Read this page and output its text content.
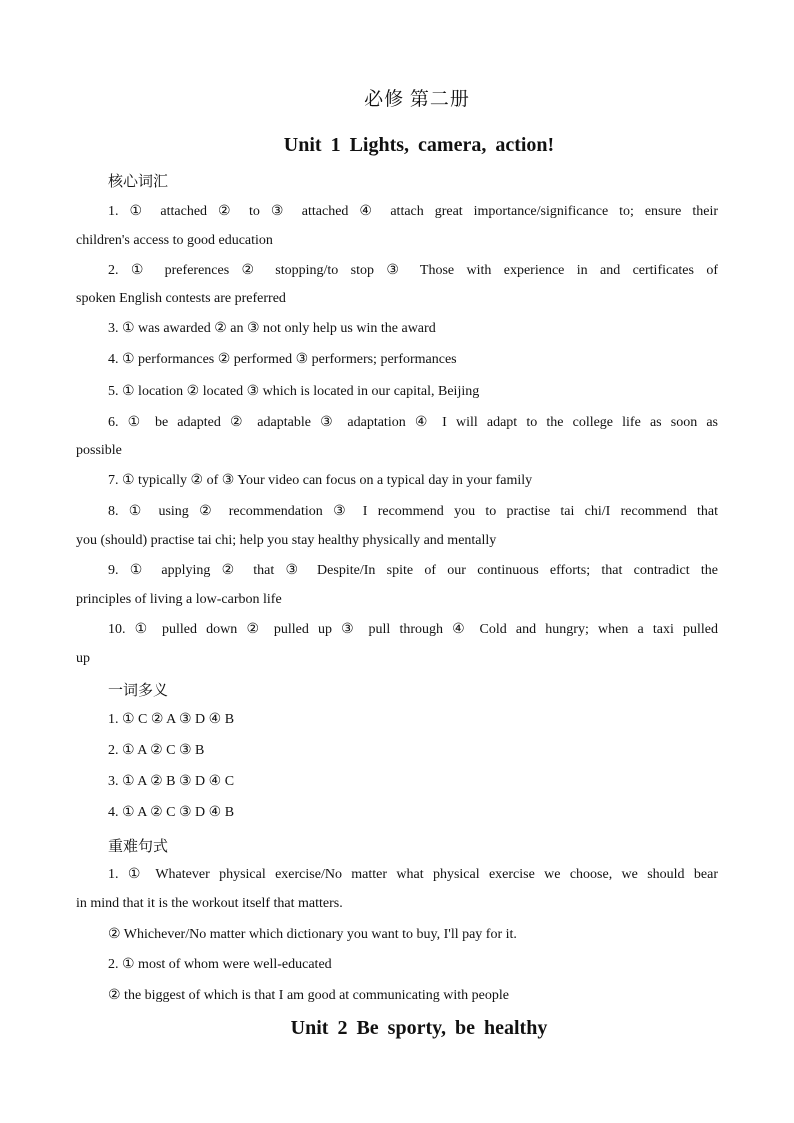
必修 第二册
Unit 1 Lights, camera, action!
核心词汇
1. ① attached ② to ③ attached ④ attach great importance/significance to; ensure their
children's access to good education
2. ① preferences ② stopping/to stop ③ Those with experience in and certificates of
spoken English contests are preferred
3. ① was awarded ② an ③ not only help us win the award
4. ① performances ② performed ③ performers; performances
5. ① location ② located ③ which is located in our capital, Beijing
6. ① be adapted ② adaptable ③ adaptation ④ I will adapt to the college life as soon as
possible
7. ① typically ② of ③ Your video can focus on a typical day in your family
8. ① using ② recommendation ③ I recommend you to practise tai chi/I recommend that
you (should) practise tai chi; help you stay healthy physically and mentally
9. ① applying ② that ③ Despite/In spite of our continuous efforts; that contradict the
principles of living a low-carbon life
10. ① pulled down ② pulled up ③ pull through ④ Cold and hungry; when a taxi pulled
up
一词多义
1. ① C ② A ③ D ④ B
2. ① A ② C ③ B
3. ① A ② B ③ D ④ C
4. ① A ② C ③ D ④ B
重难句式
1. ① Whatever physical exercise/No matter what physical exercise we choose, we should bear
in mind that it is the workout itself that matters.
② Whichever/No matter which dictionary you want to buy, I'll pay for it.
2. ① most of whom were well-educated
② the biggest of which is that I am good at communicating with people
Unit 2 Be sporty, be healthy
